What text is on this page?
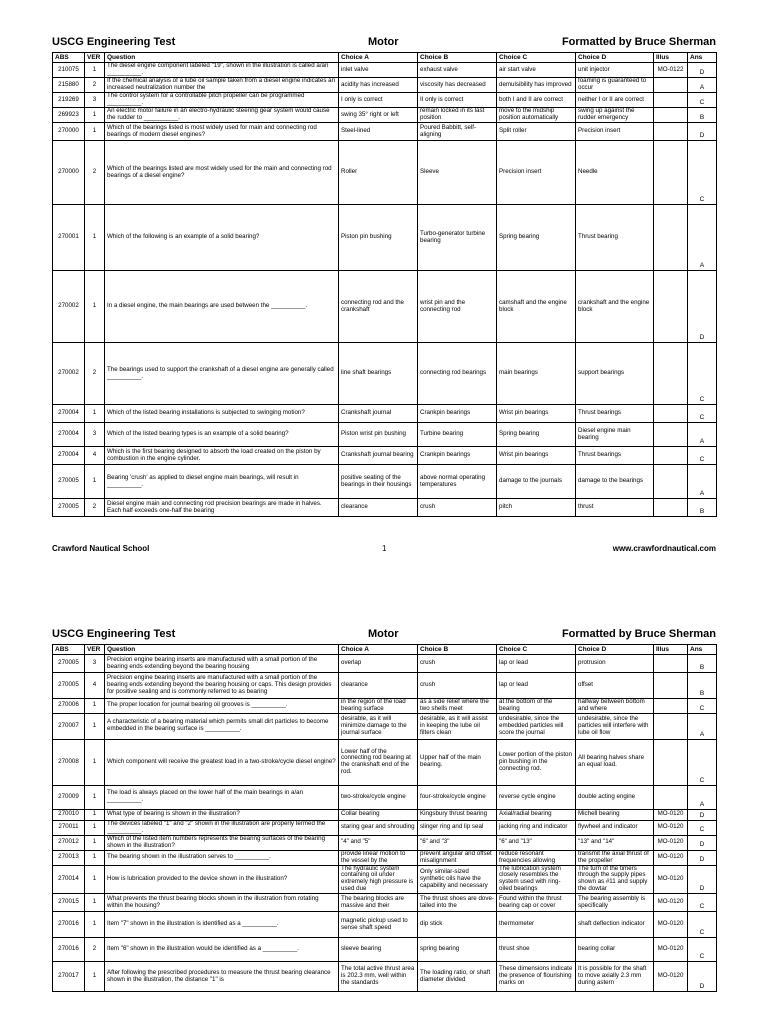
USCG Engineering Test	Motor	Formatted by Bruce Sherman
ABS	VER	Question	Choice A	Choice B	Choice C	Choice D	Illus	Ans
210075	1	The diesel engine component labeled "19", shown in the illustration is called a/an __________.	inlet valve	exhaust valve	air start valve	unit injector	MO-0122	D
215880	2	If the chemical analysis of a lube oil sample taken from a diesel engine indicates an increased neutralization number the	acidity has increased	viscosity has decreased	demulsibility has improved	foaming is guaranteed to occur		A
219269	3	The control system for a controllable pitch propeller can be programmed __________.	I only is correct	II only is correct	both I and II are correct	neither I or II are correct		C
269923	1	An electric motor failure in an electro-hydraulic steering gear system would cause the rudder to __________.	swing 35° right or left	remain locked in its last position	move to the midship position automatically	swing up against the rudder emergency		B
270000	1	Which of the bearings listed is most widely used for main and connecting rod bearings of modern diesel engines?	Steel-lined	Poured Babbitt, self-aligning	Split roller	Precision insert		D
270000	2	Which of the bearings listed are most widely used for the main and connecting rod bearings of a diesel engine?	Roller	Sleeve	Precision insert	Needle		C
270001	1	Which of the following is an example of a solid bearing?	Piston pin bushing	Turbo-generator turbine bearing	Spring bearing	Thrust bearing		A
270002	1	In a diesel engine, the main bearings are used between the __________.	connecting rod and the crankshaft	wrist pin and the connecting rod	camshaft and the engine block	crankshaft and the engine block		D
270002	2	The bearings used to support the crankshaft of a diesel engine are generally called __________.	line shaft bearings	connecting rod bearings	main bearings	support bearings		C
270004	1	Which of the listed bearing installations is subjected to swinging motion?	Crankshaft journal	Crankpin bearings	Wrist pin bearings	Thrust bearings		C
270004	3	Which of the listed bearing types is an example of a solid bearing?	Piston wrist pin bushing	Turbine bearing	Spring bearing	Diesel engine main bearing		A
270004	4	Which is the first bearing designed to absorb the load created on the piston by combustion in the engine cylinder.	Crankshaft journal bearing	Crankpin bearings	Wrist pin bearings	Thrust bearings		C
270005	1	Bearing 'crush' as applied to diesel engine main bearings, will result in __________.	positive seating of the bearings in their housings	above normal operating temperatures	damage to the journals	damage to the bearings		A
270005	2	Diesel engine main and connecting rod precision bearings are made in halves. Each half exceeds one-half the bearing	clearance	crush	pitch	thrust		B
Crawford Nautical School	1	www.crawfordnautical.com
USCG Engineering Test	Motor	Formatted by Bruce Sherman
ABS	VER	Question	Choice A	Choice B	Choice C	Choice D	Illus	Ans
270005	3	Precision engine bearing inserts are manufactured with a small portion of the bearing ends extending beyond the bearing housing	overlap	crush	lap or lead	protrusion		B
270005	4	Precision engine bearing inserts are manufactured with a small portion of the bearing ends extending beyond the bearing housing or caps. This design provides for positive sealing and is commonly referred to as bearing	clearance	crush	lap or lead	offset		B
270006	1	The proper location for journal bearing oil grooves is __________.	in the region of the load bearing surface	as a side relief where the two shells meet	at the bottom of the bearing	halfway between bottom and where		C
270007	1	A characteristic of a bearing material which permits small dirt particles to become embedded in the bearing surface is __________.	desirable, as it will minimize damage to the journal surface	desirable, as it will assist in keeping the lube oil filters clean	undesirable, since the embedded particles will score the journal	undesirable, since the particles will interfere with lube oil flow		A
270008	1	Which component will receive the greatest load in a two-stroke/cycle diesel engine?	Lower half of the connecting rod bearing at the crankshaft end of the rod.	Upper half of the main bearing.	Lower portion of the piston pin bushing in the connecting rod.	All bearing halves share an equal load.		C
270009	1	The load is always placed on the lower half of the main bearings in a/an __________.	two-stroke/cycle engine	four-stroke/cycle engine	reverse cycle engine	double acting engine		A
270010	1	What type of bearing is shown in the illustration?	Collar bearing	Kingsbury thrust bearing	Axial/radial bearing	Michell bearing	MO-0120	D
270011	1	The devices labeled "1" and "2" shown in the illustration are properly termed the __________.	staring gear and shrouding	slinger ring and lip seal	jacking ring and indicator	flywheel and indicator	MO-0120	C
270012	1	Which of the listed item numbers represents the bearing surfaces of the bearing shown in the illustration?	"4" and "5"	"6" and "3"	"6" and "13"	"13" and "14"	MO-0120	D
270013	1	The bearing shown in the illustration serves to __________.	provide linear motion to the vessel by the	prevent angular and offset misalignment	reduce resonant frequencies allowing	transmit the axial thrust of the propeller	MO-0120	D
270014	1	How is lubrication provided to the device shown in the illustration?	The hydraulic system containing oil under extremely high pressure is used due	Only similar-sized synthetic oils have the capability and necessary	The lubrication system closely resembles the system used with ring-oiled bearings	The turn of the timers through the supply pipes shown as #11 and supply the dowtar	MO-0120	D
270015	1	What prevents the thrust bearing blocks shown in the illustration from rotating within the housing?	The bearing blocks are massive and their	The thrust shoes are dove-tailed into the	Found within the thrust bearing cap or cover	The bearing assembly is specifically	MO-0120	C
270016	1	Item "7" shown in the illustration is identified as a __________.	magnetic pickup used to sense shaft speed	dip stick	thermometer	shaft deflection indicator	MO-0120	C
270016	2	Item "6" shown in the illustration would be identified as a __________.	sleeve bearing	spring bearing	thrust shoe	bearing collar	MO-0120	C
270017	1	After following the prescribed procedures to measure the thrust bearing clearance shown in the illustration, the distance "1" is	The total active thrust area is 202.3 mm, well within the standards	The loading ratio, or shaft diameter divided	These dimensions indicate the presence of flourishing marks on	It is possible for the shaft to move axially 2.3 mm during astern	MO-0120	D
